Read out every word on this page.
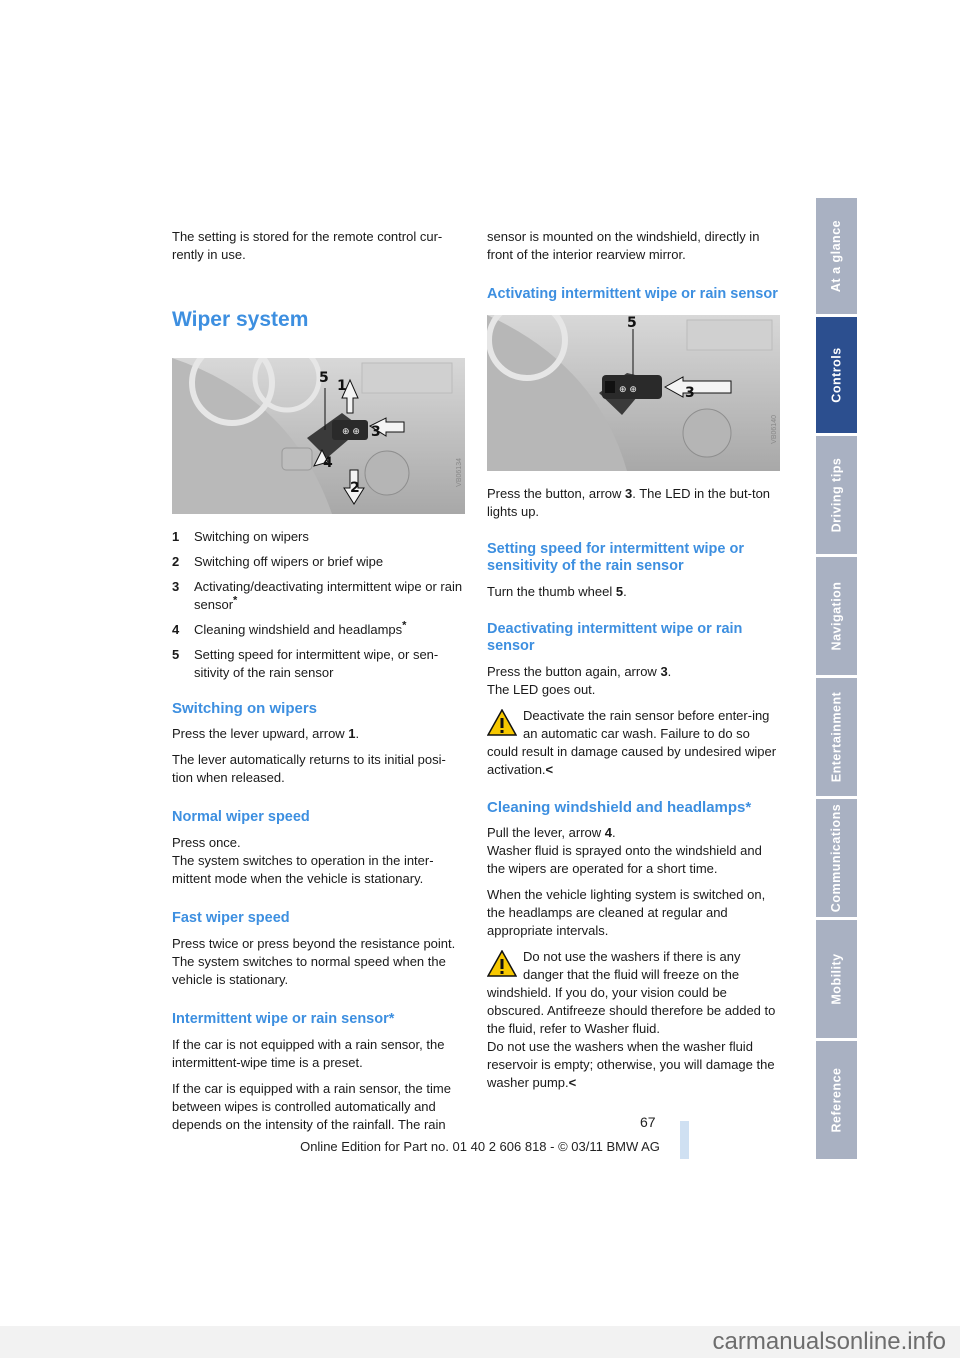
The setting is stored for the remote control cur-rently in use.

Wiper system
⊕ ⊕
5 1
3
4
2
VB06134
1	Switching on wipers
2	Switching off wipers or brief wipe
3	Activating/deactivating intermittent wipe or rain sensor*
4	Cleaning windshield and headlamps*
5	Setting speed for intermittent wipe, or sen-sitivity of the rain sensor
Switching on wipers

Press the lever upward, arrow 1.

The lever automatically returns to its initial posi-tion when released.

Normal wiper speed

Press once.

The system switches to operation in the inter-mittent mode when the vehicle is stationary.

Fast wiper speed

Press twice or press beyond the resistance point.

The system switches to normal speed when the vehicle is stationary.

Intermittent wipe or rain sensor*

If the car is not equipped with a rain sensor, the intermittent-wipe time is a preset.

If the car is equipped with a rain sensor, the time between wipes is controlled automatically and depends on the intensity of the rainfall. The rain

sensor is mounted on the windshield, directly in front of the interior rearview mirror.

Activating intermittent wipe or rain sensor
⊕ ⊕
5
3
VB06140

Press the button, arrow 3. The LED in the but-ton lights up.

Setting speed for intermittent wipe or sensitivity of the rain sensor

Turn the thumb wheel 5.

Deactivating intermittent wipe or rain sensor

Press the button again, arrow 3.

The LED goes out.

Deactivate the rain sensor before enter-ing an automatic car wash. Failure to do so could result in damage caused by undesired wiper activation.<
Cleaning windshield and headlamps*

Pull the lever, arrow 4.

Washer fluid is sprayed onto the windshield and the wipers are operated for a short time.

When the vehicle lighting system is switched on, the headlamps are cleaned at regular and appropriate intervals.

Do not use the washers if there is any danger that the fluid will freeze on the windshield. If you do, your vision could be obscured. Antifreeze should therefore be added to the fluid, refer to Washer fluid.
Do not use the washers when the washer fluid reservoir is empty; otherwise, you will damage the washer pump.<
At a glance
Controls
Driving tips
Navigation
Entertainment
Communications
Mobility
Reference
67
Online Edition for Part no. 01 40 2 606 818 - © 03/11 BMW AG
carmanualsonline.info
